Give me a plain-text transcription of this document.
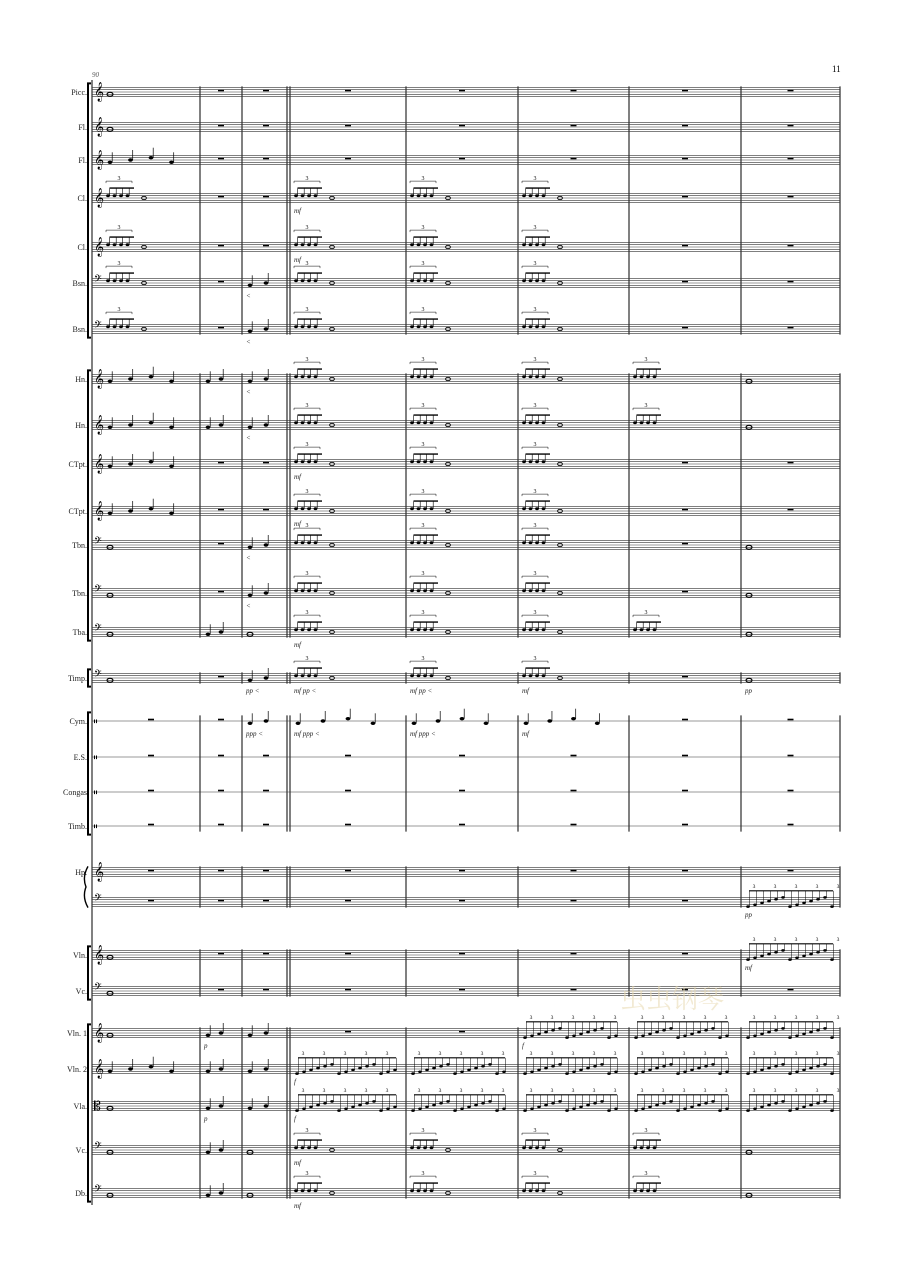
11
90
Picc. 𝄞
Fl. 𝄞
Fl. 𝄞
Cl. 𝄞
3	3	3	3
mf
Cl. 𝄞
3	3	3	3
mf
Bsn. 𝄢
3	3	3	3
<
Bsn. 𝄢
3	3	3	3
<
Hn. 𝄞
3	3	3	3
<
Hn. 𝄞
3	3	3	3
<
CTpt. 𝄞
3	3	3
mf
CTpt. 𝄞
3	3	3
mf
Tbn. 𝄢
3	3	3
<
Tbn. 𝄢
3	3	3
<
Tba. 𝄢
3	3	3	3
mf
Timp. 𝄢
3	3	3
pp <	mf pp <	mf pp <	mf	pp
Cym. 𝄥
ppp <	mf ppp <	mf ppp <	mf
E.S. 𝄥
Congas 𝄥
Timb. 𝄥
Hp. 𝄞
𝄢
3	3	3	3	3
pp
Vln. 𝄞
3	3	3	3	3
mf
Vc. 𝄢
Vln. 1 𝄞
3	3	3	3	3	3	3	3	3	3	3	3	3	3	3
p	f
Vln. 2 𝄞
3	3	3	3	3	3	3	3	3	3	3	3	3	3	3	3	3	3	3	3	3	3	3	3	3
f
Vla. 𝄡
3	3	3	3	3	3	3	3	3	3	3	3	3	3	3	3	3	3	3	3	3	3	3	3	3
p	f
Vc. 𝄢
3	3	3	3
mf
Db. 𝄢
3	3	3	3
mf
虫虫钢琴
